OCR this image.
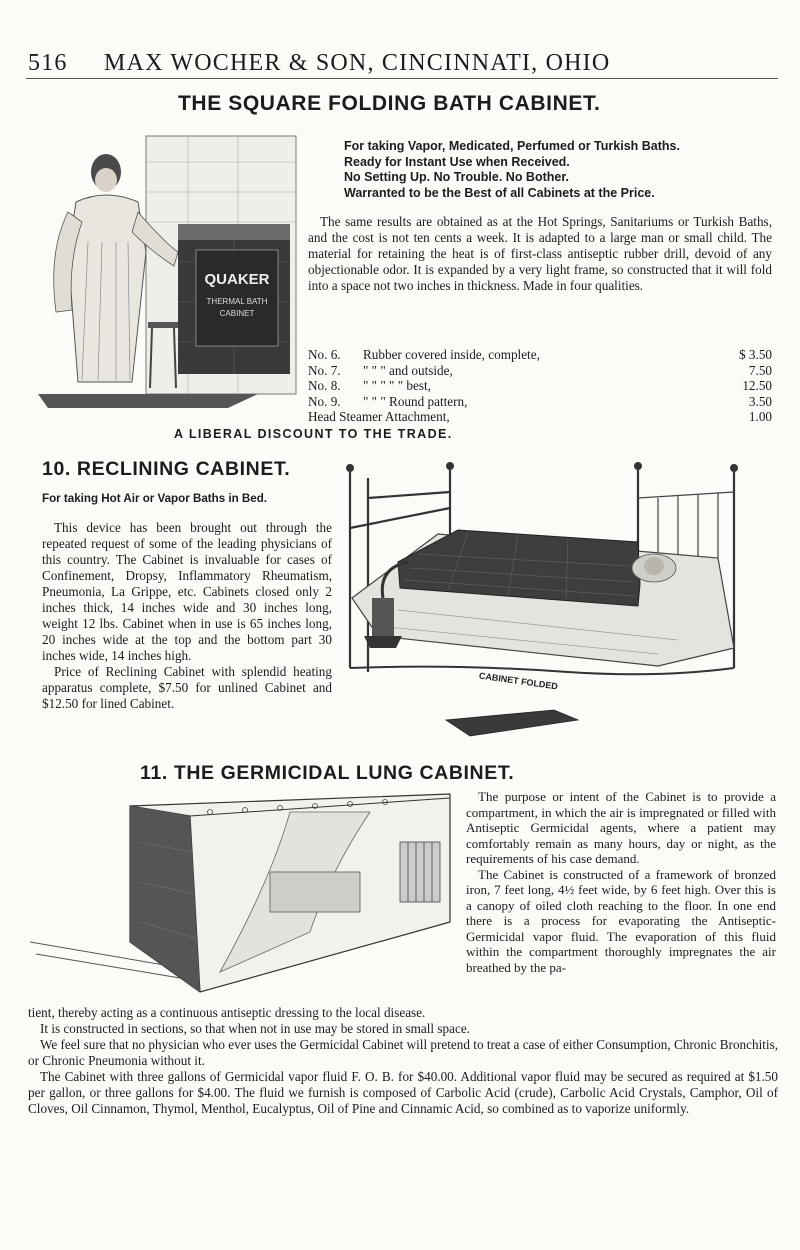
516 MAX WOCHER & SON, CINCINNATI, OHIO
THE SQUARE FOLDING BATH CABINET.
QUAKER
THERMAL BATH
CABINET
For taking Vapor, Medicated, Perfumed or Turkish Baths.
Ready for Instant Use when Received.
No Setting Up. No Trouble. No Bother.
Warranted to be the Best of all Cabinets at the Price.

The same results are obtained as at the Hot Springs, Sanitariums or Turkish Baths, and the cost is not ten cents a week. It is adapted to a large man or small child. The material for retaining the heat is of first-class antiseptic rubber drill, devoid of any objectionable odor. It is expanded by a very light frame, so constructed that it will fold into a space not two inches in thickness. Made in four qualities.

No. 6.	Rubber covered inside, complete,	$ 3.50
No. 7.	" " " and outside,	7.50
No. 8.	" " " " " best,	12.50
No. 9.	" " " Round pattern,	3.50
Head Steamer Attachment,	1.00
A LIBERAL DISCOUNT TO THE TRADE.
10. RECLINING CABINET.
For taking Hot Air or Vapor Baths in Bed.

This device has been brought out through the repeated request of some of the leading physicians of this country. The Cabinet is invaluable for cases of Confinement, Dropsy, Inflammatory Rheumatism, Pneumonia, La Grippe, etc. Cabinets closed only 2 inches thick, 14 inches wide and 30 inches long, weight 12 lbs. Cabinet when in use is 65 inches long, 20 inches wide at the top and the bottom part 30 inches wide, 14 inches high.

Price of Reclining Cabinet with splendid heating apparatus complete, $7.50 for unlined Cabinet and $12.50 for lined Cabinet.

CABINET FOLDED
11. THE GERMICIDAL LUNG CABINET.

The purpose or intent of the Cabinet is to provide a compartment, in which the air is impregnated or filled with Antiseptic Germicidal agents, where a patient may comfortably remain as many hours, day or night, as the requirements of his case demand.
The Cabinet is constructed of a framework of bronzed iron, 7 feet long, 4½ feet wide, by 6 feet high. Over this is a canopy of oiled cloth reaching to the floor. In one end there is a process for evaporating the Antiseptic-Germicidal vapor fluid. The evaporation of this fluid within the compartment thoroughly impregnates the air breathed by the pa-

tient, thereby acting as a continuous antiseptic dressing to the local disease.

It is constructed in sections, so that when not in use may be stored in small space.

We feel sure that no physician who ever uses the Germicidal Cabinet will pretend to treat a case of either Consumption, Chronic Bronchitis, or Chronic Pneumonia without it.

The Cabinet with three gallons of Germicidal vapor fluid F. O. B. for $40.00. Additional vapor fluid may be secured as required at $1.50 per gallon, or three gallons for $4.00. The fluid we furnish is composed of Carbolic Acid (crude), Carbolic Acid Crystals, Camphor, Oil of Cloves, Oil Cinnamon, Thymol, Menthol, Eucalyptus, Oil of Pine and Cinnamic Acid, so combined as to vaporize uniformly.
